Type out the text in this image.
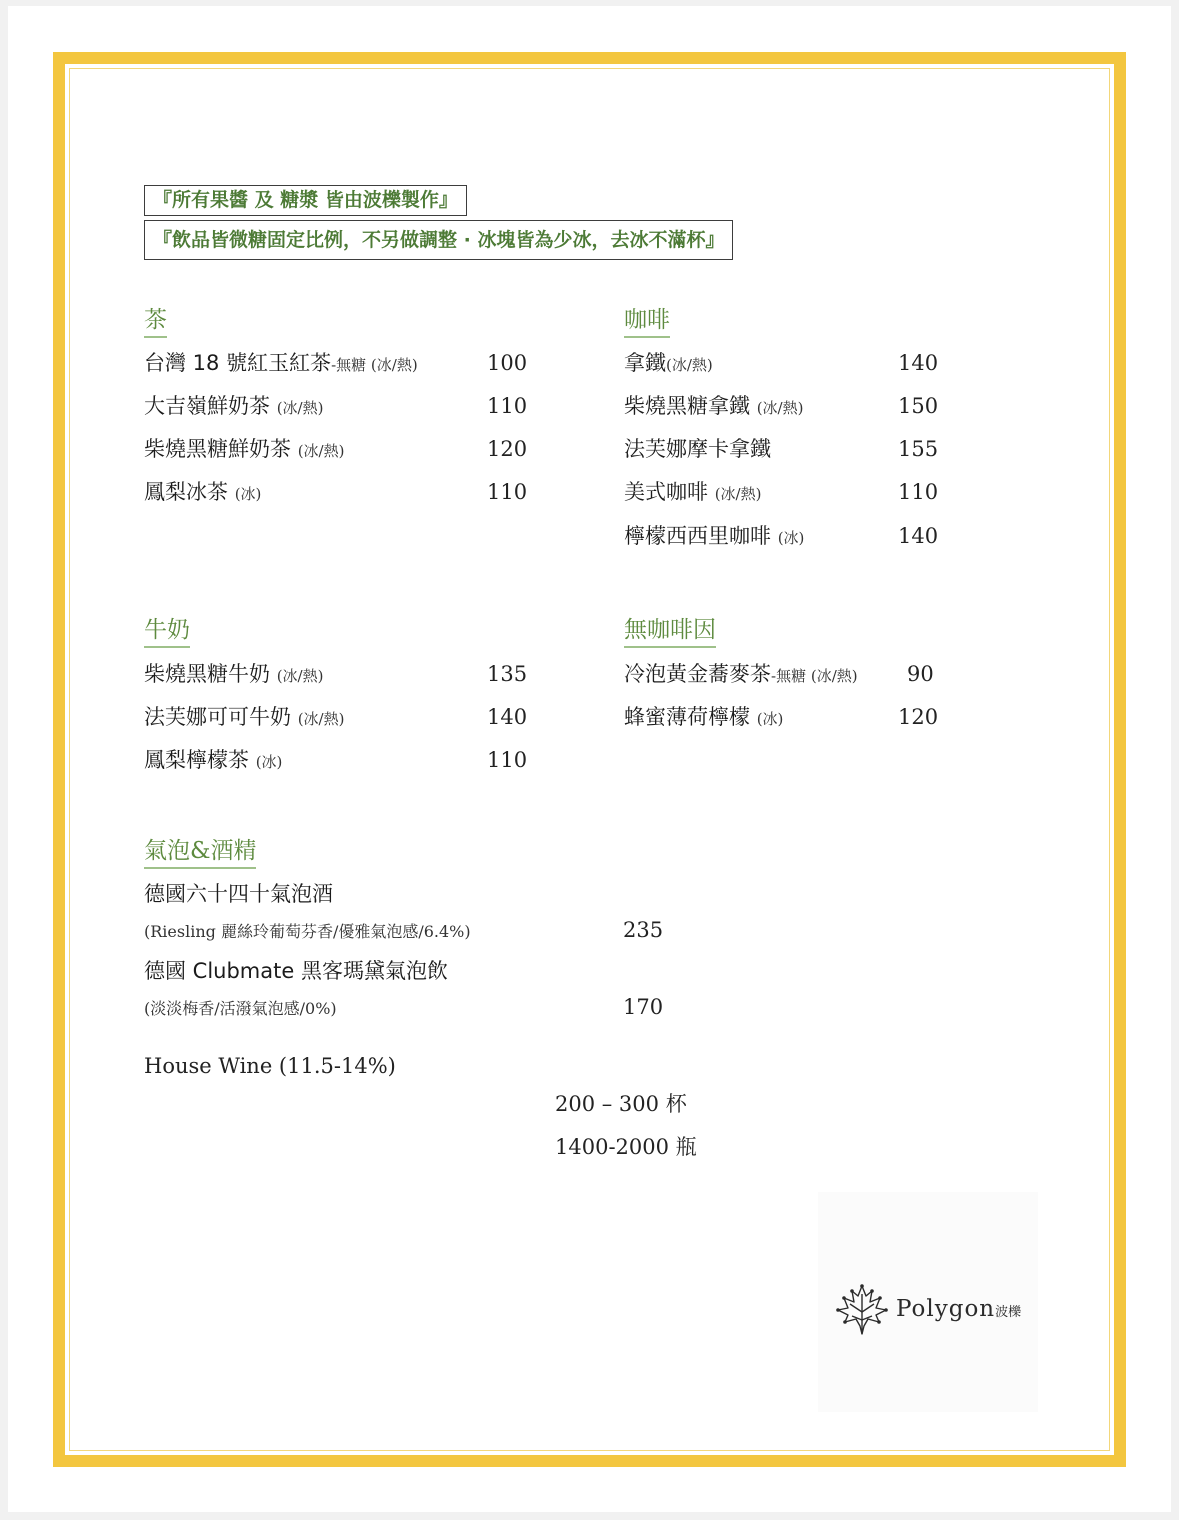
『所有果醬 及 糖漿 皆由波櫟製作』
『飲品皆微糖固定比例，不另做調整 · 冰塊皆為少冰，去冰不滿杯』
茶
台灣 18 號紅玉紅茶-無糖 (冰/熱)	100
大吉嶺鮮奶茶 (冰/熱)	110
柴燒黑糖鮮奶茶 (冰/熱)	120
鳳梨冰茶 (冰)	110
咖啡
拿鐵(冰/熱)	140
柴燒黑糖拿鐵 (冰/熱)	150
法芙娜摩卡拿鐵	155
美式咖啡 (冰/熱)	110
檸檬西西里咖啡 (冰)	140
牛奶
柴燒黑糖牛奶 (冰/熱)	135
法芙娜可可牛奶 (冰/熱)	140
鳳梨檸檬茶 (冰)	110
無咖啡因
冷泡黃金蕎麥茶-無糖 (冰/熱) 90
蜂蜜薄荷檸檬 (冰)	120
氣泡&酒精
德國六十四十氣泡酒
(Riesling 麗絲玲葡萄芬香/優雅氣泡感/6.4%)	235
德國 Clubmate 黑客瑪黛氣泡飲
(淡淡梅香/活潑氣泡感/0%)	170
House Wine (11.5-14%)
200 – 300 杯
1400-2000 瓶
Polygon波櫟
